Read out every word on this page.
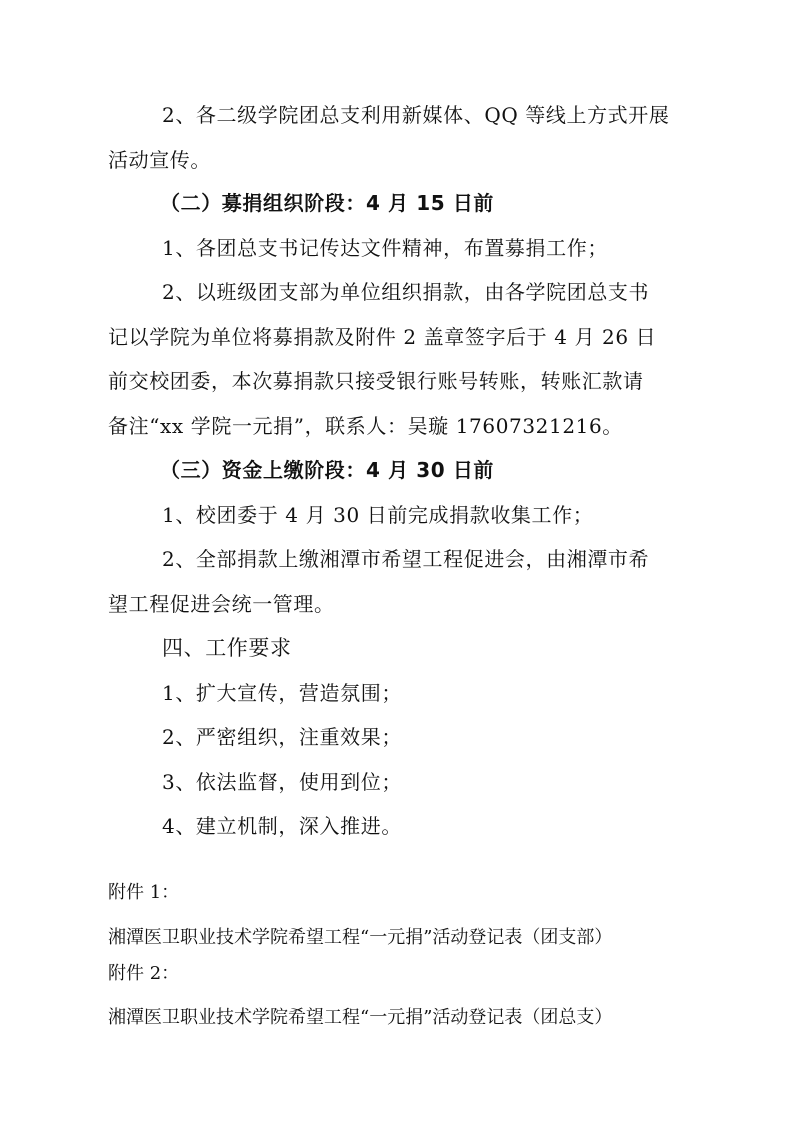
2、各二级学院团总支利用新媒体、QQ 等线上方式开展
活动宣传。
（二）募捐组织阶段：4 月 15 日前
1、各团总支书记传达文件精神，布置募捐工作；
2、以班级团支部为单位组织捐款，由各学院团总支书
记以学院为单位将募捐款及附件 2 盖章签字后于 4 月 26 日
前交校团委，本次募捐款只接受银行账号转账，转账汇款请
备注“xx 学院一元捐”，联系人：吴璇 17607321216。
（三）资金上缴阶段：4 月 30 日前
1、校团委于 4 月 30 日前完成捐款收集工作；
2、全部捐款上缴湘潭市希望工程促进会，由湘潭市希
望工程促进会统一管理。
四、工作要求
1、扩大宣传，营造氛围；
2、严密组织，注重效果；
3、依法监督，使用到位；
4、建立机制，深入推进。
附件 1：
湘潭医卫职业技术学院希望工程“一元捐”活动登记表（团支部）
附件 2：
湘潭医卫职业技术学院希望工程“一元捐”活动登记表（团总支）
